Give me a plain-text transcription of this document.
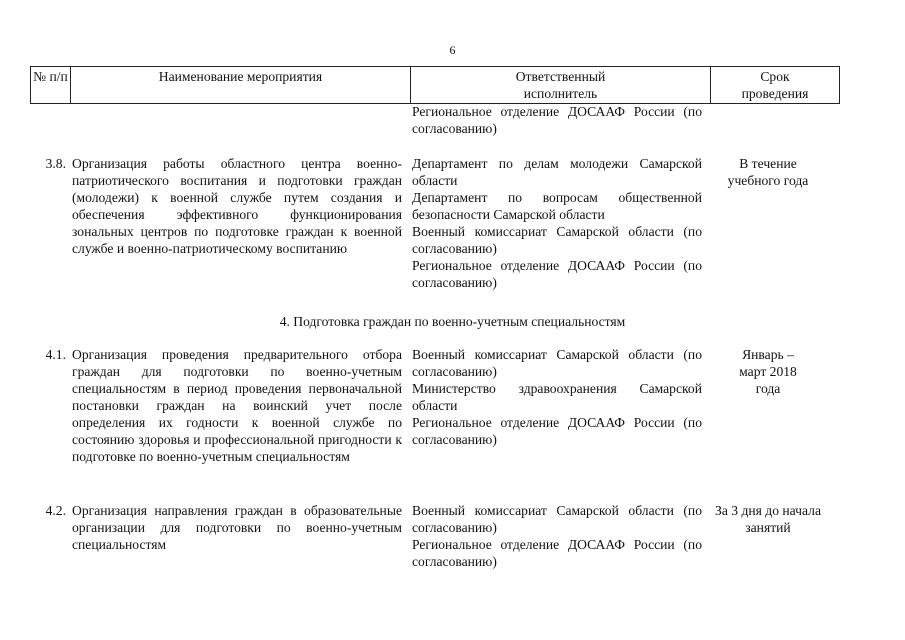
6
№ п/п	Наименование мероприятия	Ответственный исполнитель
Срок проведения
Региональное отделение ДОСААФ России (по согласованию)
3.8. Организация работы областного центра военно-патриотического воспитания и подготовки граждан (молодежи) к военной службе путем создания и обеспечения эффективного функционирования зональных центров по подготовке граждан к военной службе и военно-патриотическому воспитанию
Департамент по делам молодежи Самарской области
Департамент по вопросам общественной безопасности Самарской области
Военный комиссариат Самарской области (по согласованию)
Региональное отделение ДОСААФ России (по согласованию)
В течение учебного года
4. Подготовка граждан по военно-учетным специальностям
4.1. Организация проведения предварительного отбора граждан для подготовки по военно-учетным специальностям в период проведения первоначальной постановки граждан на воинский учет после определения их годности к военной службе по состоянию здоровья и профессиональной пригодности к подготовке по военно-учетным специальностям
Военный комиссариат Самарской области (по согласованию)
Министерство здравоохранения Самарской области
Региональное отделение ДОСААФ России (по согласованию)
Январь – март 2018 года
4.2. Организация направления граждан в образовательные организации для подготовки по военно-учетным специальностям
Военный комиссариат Самарской области (по согласованию)
Региональное отделение ДОСААФ России (по согласованию)
За 3 дня до начала занятий
